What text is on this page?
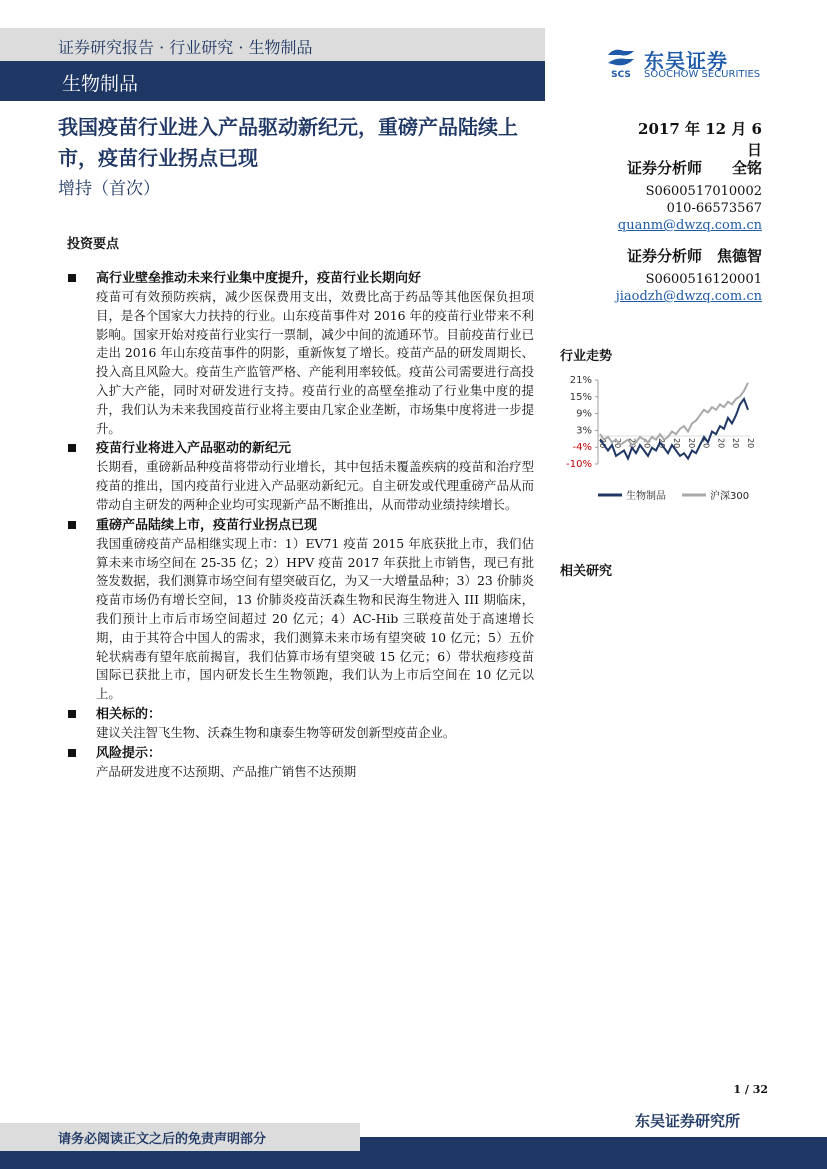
证券研究报告 · 行业研究 · 生物制品
生物制品	SCS
东吴证券
SOOCHOW SECURITIES
我国疫苗行业进入产品驱动新纪元，重磅产品陆续上市，疫苗行业拐点已现
增持（首次）
2017 年 12 月 6 日
证券分析师　　全铭
S0600517010002
010-66573567
quanm@dwzq.com.cn
证券分析师　焦德智
S0600516120001
jiaodzh@dwzq.com.cn
投资要点
高行业壁垒推动未来行业集中度提升，疫苗行业长期向好

疫苗可有效预防疾病，减少医保费用支出，效费比高于药品等其他医保负担项目，是各个国家大力扶持的行业。山东疫苗事件对 2016 年的疫苗行业带来不利影响。国家开始对疫苗行业实行一票制，减少中间的流通环节。目前疫苗行业已走出 2016 年山东疫苗事件的阴影，重新恢复了增长。疫苗产品的研发周期长、投入高且风险大。疫苗生产监管严格、产能利用率较低。疫苗公司需要进行高投入扩大产能，同时对研发进行支持。疫苗行业的高壁垒推动了行业集中度的提升，我们认为未来我国疫苗行业将主要由几家企业垄断，市场集中度将进一步提升。

疫苗行业将进入产品驱动的新纪元

长期看，重磅新品种疫苗将带动行业增长，其中包括未覆盖疾病的疫苗和治疗型疫苗的推出，国内疫苗行业进入产品驱动新纪元。自主研发或代理重磅产品从而带动自主研发的两种企业均可实现新产品不断推出，从而带动业绩持续增长。

重磅产品陆续上市，疫苗行业拐点已现

我国重磅疫苗产品相继实现上市：1）EV71 疫苗 2015 年底获批上市，我们估算未来市场空间在 25-35 亿；2）HPV 疫苗 2017 年获批上市销售，现已有批签发数据，我们测算市场空间有望突破百亿，为又一大增量品种；3）23 价肺炎疫苗市场仍有增长空间，13 价肺炎疫苗沃森生物和民海生物进入 III 期临床，我们预计上市后市场空间超过 20 亿元；4）AC-Hib 三联疫苗处于高速增长期，由于其符合中国人的需求，我们测算未来市场有望突破 10 亿元；5）五价轮状病毒有望年底前揭盲，我们估算市场有望突破 15 亿元；6）带状疱疹疫苗国际已获批上市，国内研发长生生物领跑，我们认为上市后空间在 10 亿元以上。

相关标的：

建议关注智飞生物、沃森生物和康泰生物等研发创新型疫苗企业。

风险提示：

产品研发进度不达预期、产品推广销售不达预期

行业走势
21%
15%
9%
3%
-4%
-10%
20 20 20 20 20 20 20 20 20 20 20
生物制品	沪深300
相关研究
1 / 32
东吴证券研究所
请务必阅读正文之后的免责声明部分
